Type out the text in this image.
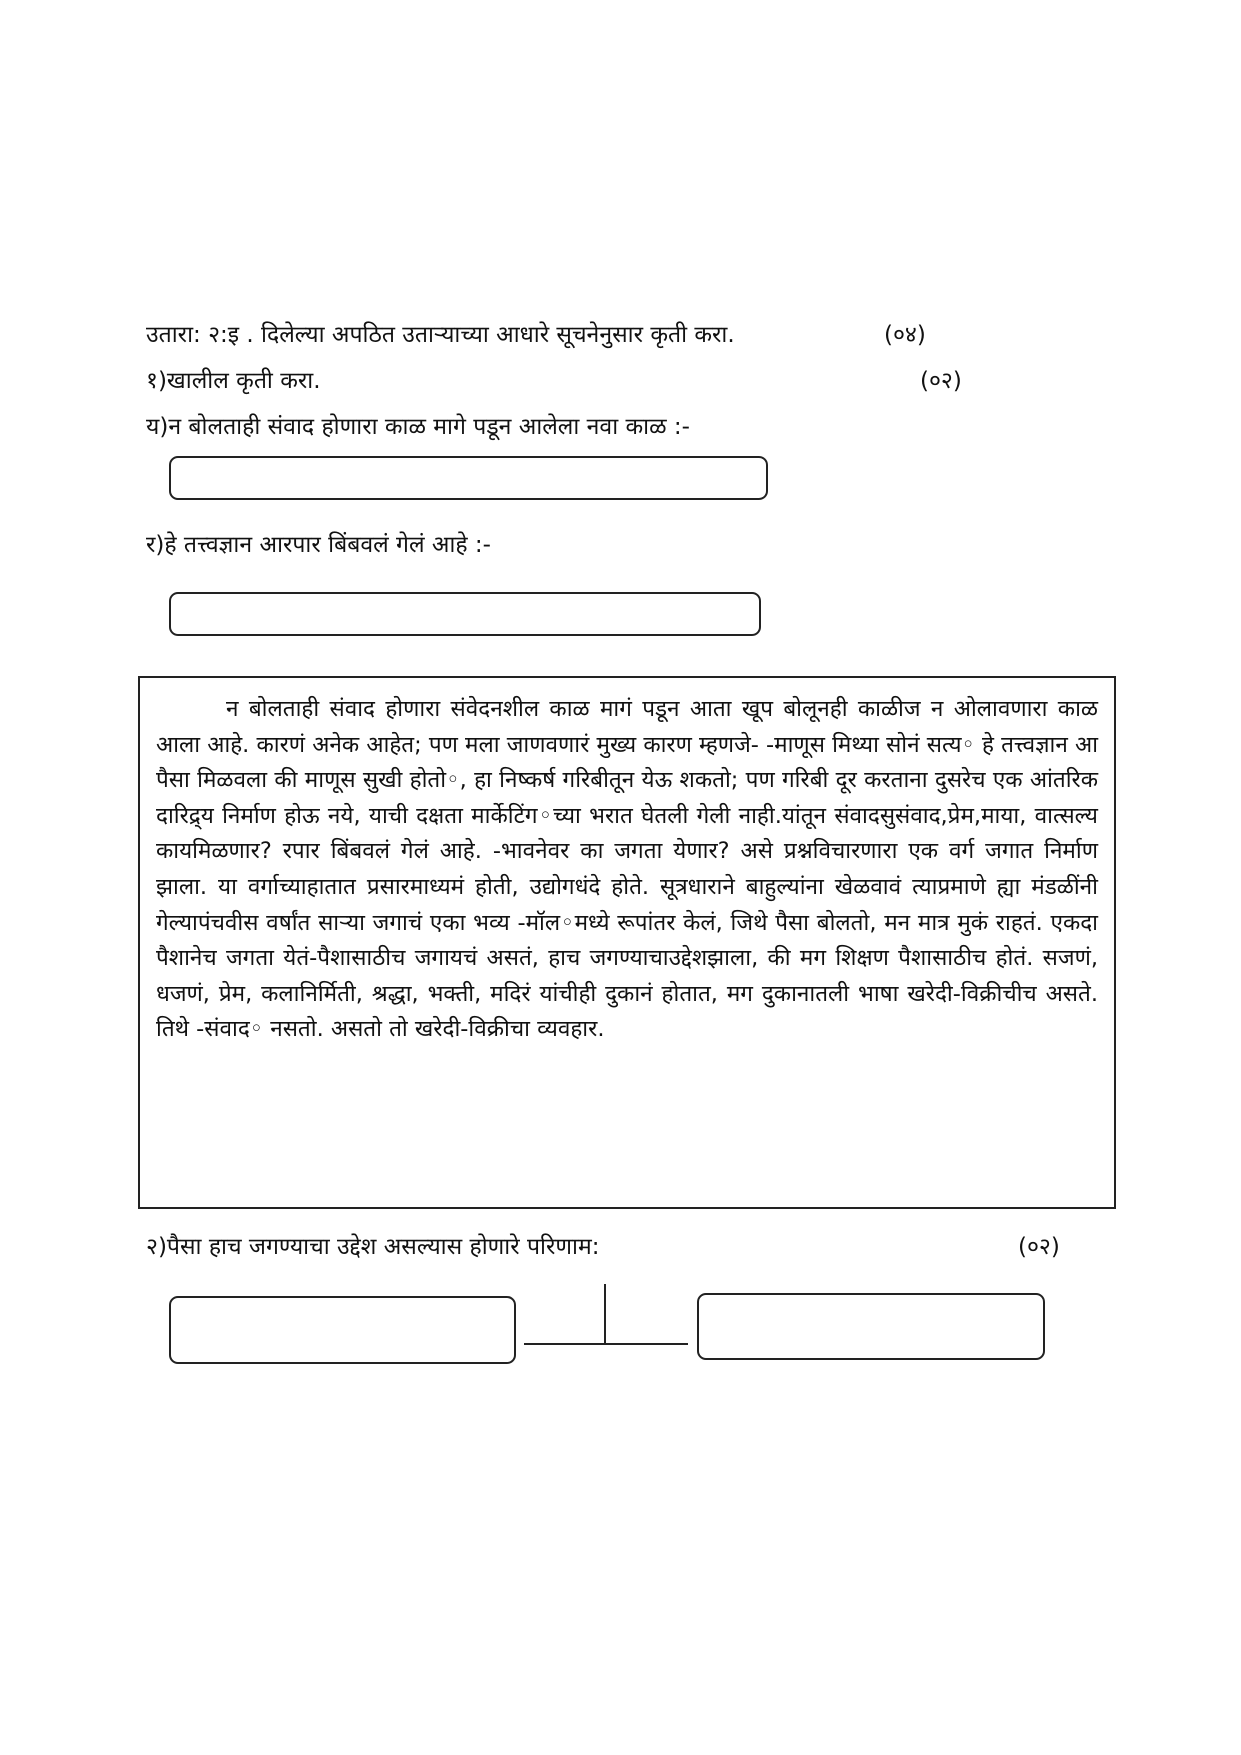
उतारा: २:इ . दिलेल्या अपठित उताऱ्याच्या आधारे सूचनेनुसार कृती करा.	(०४)
१)खालील कृती करा.	(०२)
य)न बोलताही संवाद होणारा काळ मागे पडून आलेला नवा काळ :-
र)हे तत्त्वज्ञान आरपार बिंबवलं गेलं आहे :-

न बोलताही संवाद होणारा संवेदनशील काळ मागं पडून आता खूप बोलूनही काळीज न ओलावणारा काळ आला आहे. कारणं अनेक आहेत; पण मला जाणवणारं मुख्य कारण म्हणजे- -माणूस मिथ्या सोनं सत्य◦ हे तत्त्वज्ञान आ पैसा मिळवला की माणूस सुखी होतो◦, हा निष्कर्ष गरिबीतून येऊ शकतो; पण गरिबी दूर करताना दुसरेच एक आंतरिक दारिद्र्य निर्माण होऊ नये, याची दक्षता मार्केटिंग◦च्या भरात घेतली गेली नाही.यांतून संवादसुसंवाद,प्रेम,माया, वात्सल्य कायमिळणार? रपार बिंबवलं गेलं आहे. -भावनेवर का जगता येणार? असे प्रश्नविचारणारा एक वर्ग जगात निर्माण झाला. या वर्गाच्याहातात प्रसारमाध्यमं होती, उद्योगधंदे होते. सूत्रधाराने बाहुल्यांना खेळवावं त्याप्रमाणे ह्या मंडळींनी गेल्यापंचवीस वर्षांत साऱ्या जगाचं एका भव्य -मॉल◦मध्ये रूपांतर केलं, जिथे पैसा बोलतो, मन मात्र मुकं राहतं. एकदा पैशानेच जगता येतं-पैशासाठीच जगायचं असतं, हाच जगण्याचाउद्देशझाला, की मग शिक्षण पैशासाठीच होतं. सजणं, धजणं, प्रेम, कलानिर्मिती, श्रद्धा, भक्ती, मदिरं यांचीही दुकानं होतात, मग दुकानातली भाषा खरेदी-विक्रीचीच असते. तिथे -संवाद◦ नसतो. असतो तो खरेदी-विक्रीचा व्यवहार.

२)पैसा हाच जगण्याचा उद्देश असल्यास होणारे परिणाम:	(०२)
